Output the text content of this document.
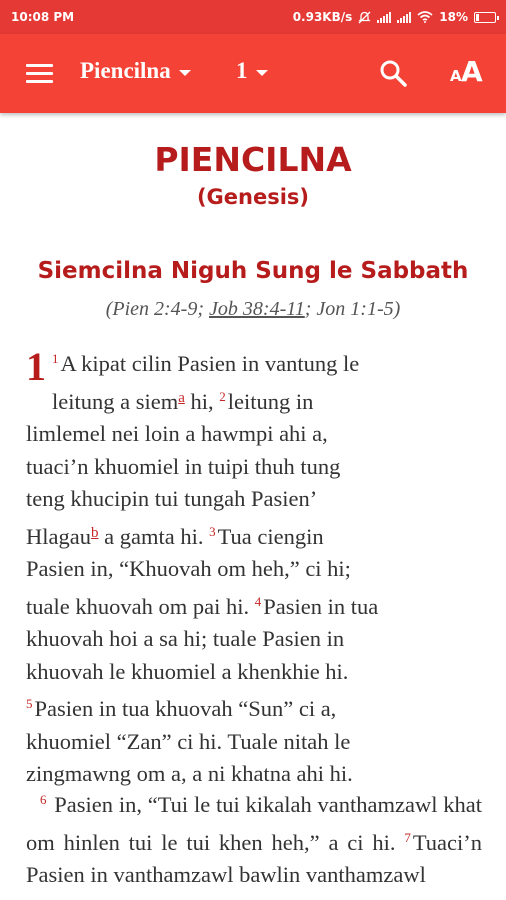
10:08 PM	0.93KB/s	18%
Piencilna	1	A A
PIENCILNA
(Genesis)
Siemcilna Niguh Sung le Sabbath
(Pien 2:4-9; Job 38:4-11; Jon 1:1-5)
1 $^1$A kipat cilin Pasien in vantung le
leitung a siem$^a$ hi, $^2$leitung in
limlemel nei loin a hawmpi ahi a,
tuaci’n khuomiel in tuipi thuh tung
teng khucipin tui tungah Pasien’
Hlagau$^b$ a gamta hi. $^3$Tua ciengin
Pasien in, “Khuovah om heh,” ci hi;
tuale khuovah om pai hi. $^4$Pasien in tua
khuovah hoi a sa hi; tuale Pasien in
khuovah le khuomiel a khenkhie hi.
$^5$Pasien in tua khuovah “Sun” ci a,
khuomiel “Zan” ci hi. Tuale nitah le
zingmawng om a, a ni khatna ahi hi.
$^6$ Pasien in, “Tui le tui kikalah vanthamzawl khat om hinlen tui le tui khen heh,” a ci hi. $^7$Tuaci’n Pasien in vanthamzawl bawlin vanthamzawl
